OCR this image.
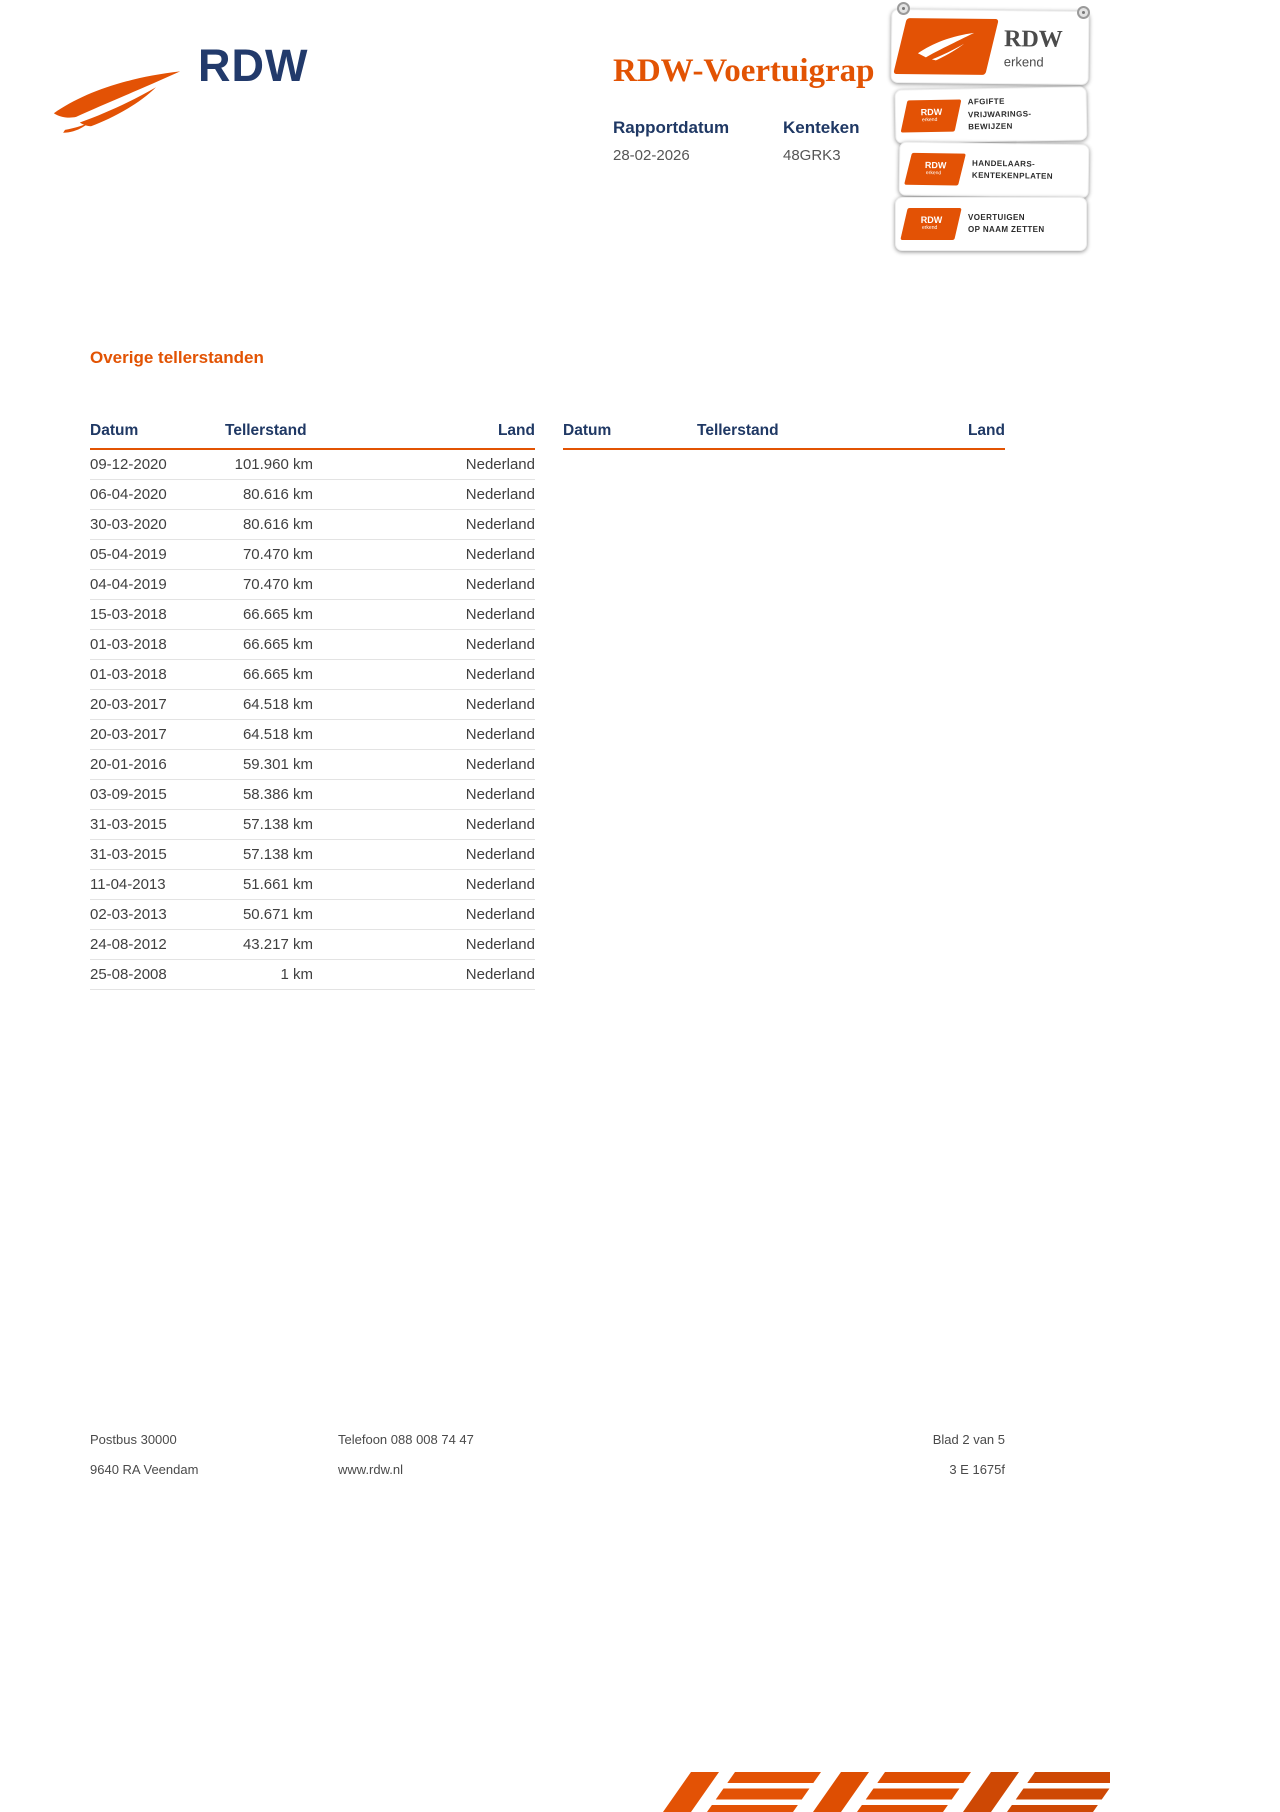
RDW	RDW-Voertuigrap
Rapportdatum
28-02-2026
Kenteken
48GRK3
RDW
erkend
RDW
erkend
AFGIFTE
VRIJWARINGS-
BEWIJZEN
RDW
erkend
HANDELAARS-
KENTEKENPLATEN
RDW
erkend
VOERTUIGEN
OP NAAM ZETTEN
Overige tellerstanden
Datum	Tellerstand	Land
09-12-2020	101.960 km	Nederland
06-04-2020	80.616 km	Nederland
30-03-2020	80.616 km	Nederland
05-04-2019	70.470 km	Nederland
04-04-2019	70.470 km	Nederland
15-03-2018	66.665 km	Nederland
01-03-2018	66.665 km	Nederland
01-03-2018	66.665 km	Nederland
20-03-2017	64.518 km	Nederland
20-03-2017	64.518 km	Nederland
20-01-2016	59.301 km	Nederland
03-09-2015	58.386 km	Nederland
31-03-2015	57.138 km	Nederland
31-03-2015	57.138 km	Nederland
11-04-2013	51.661 km	Nederland
02-03-2013	50.671 km	Nederland
24-08-2012	43.217 km	Nederland
25-08-2008	1 km	Nederland
Datum	Tellerstand	Land
Postbus 30000
9640 RA Veendam
Telefoon 088 008 74 47
www.rdw.nl
Blad 2 van 5
3 E 1675f
